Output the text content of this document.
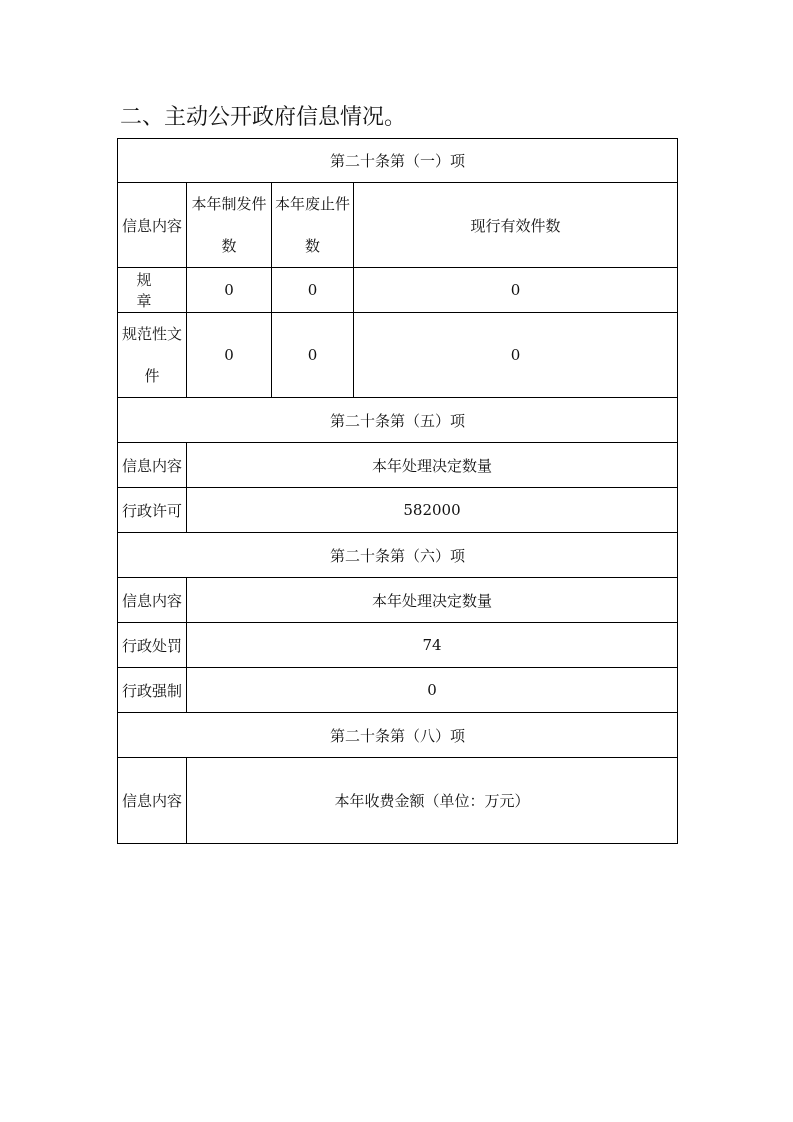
二、主动公开政府信息情况。
第二十条第（一）项			
信息内容	本年制发件数	本年废止件数	现行有效件数
规　章	0	0	0
规范性文件	0	0	0
第二十条第（五）项			
信息内容	本年处理决定数量		
行政许可	582000		
第二十条第（六）项			
信息内容	本年处理决定数量		
行政处罚	74		
行政强制	0		
第二十条第（八）项			
信息内容	本年收费金额（单位：万元）		
